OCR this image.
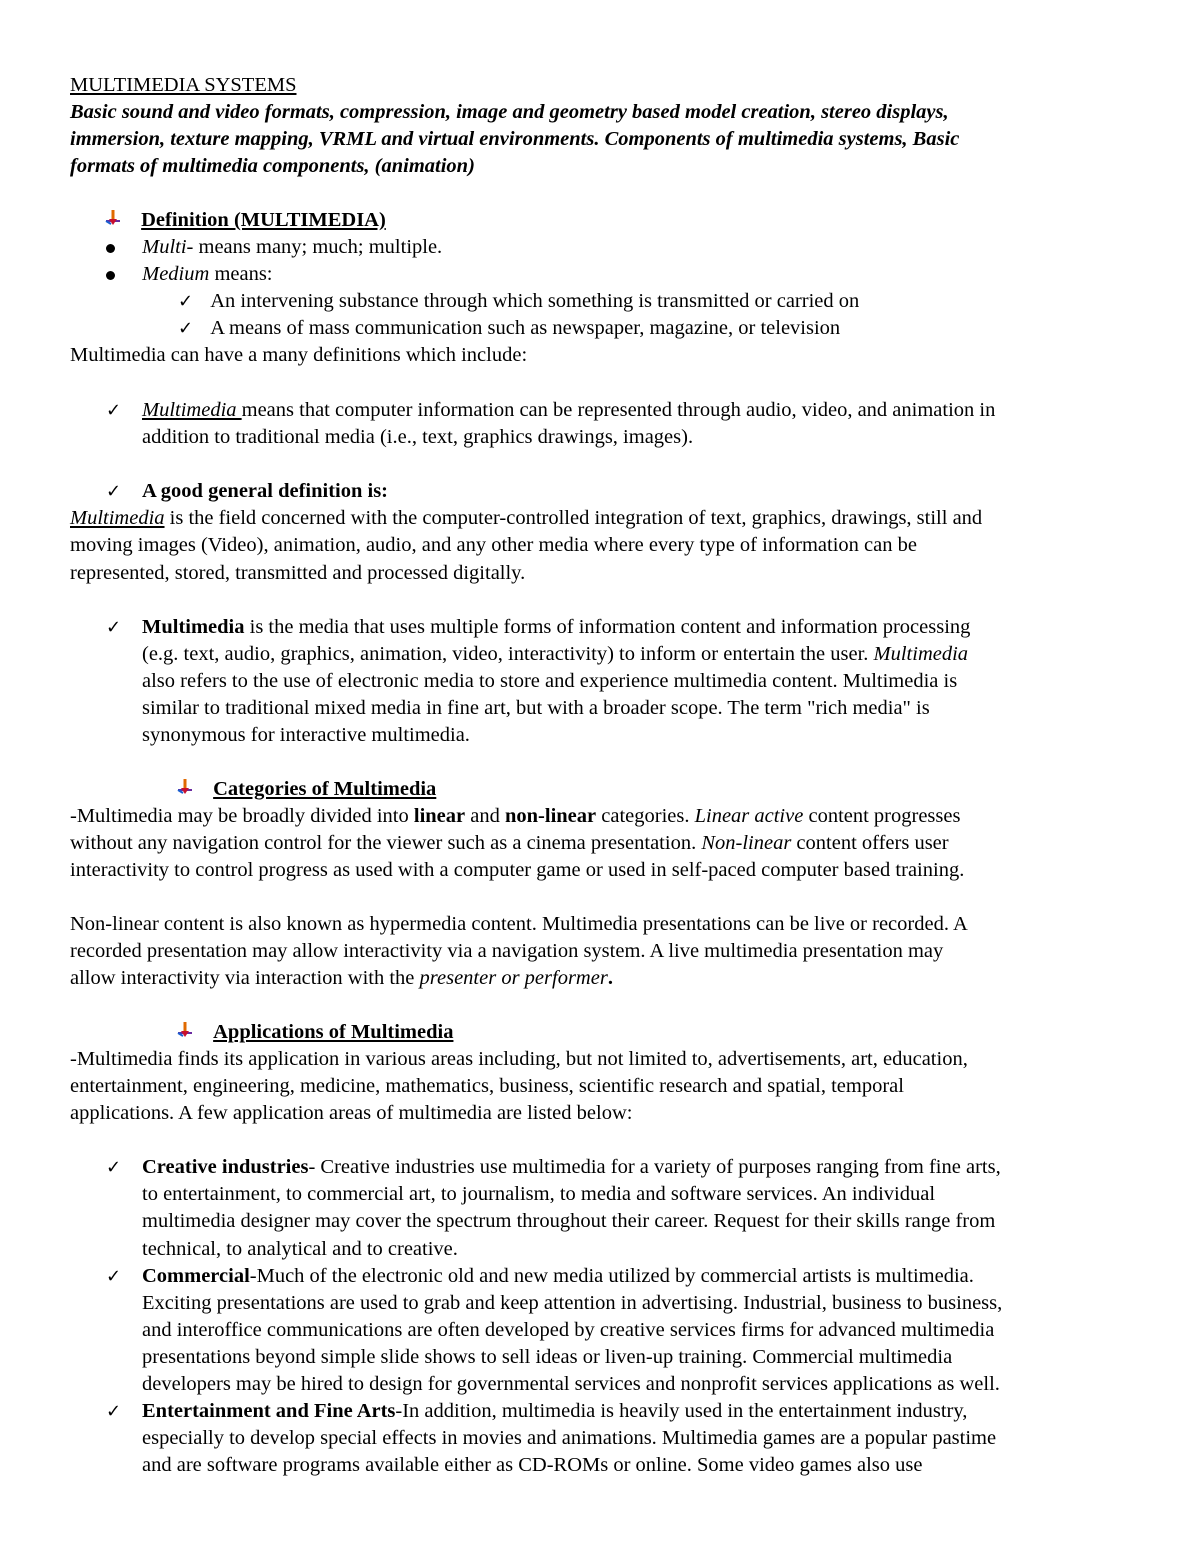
MULTIMEDIA SYSTEMS
Basic sound and video formats, compression, image and geometry based model creation, stereo displays,
immersion, texture mapping, VRML and virtual environments. Components of multimedia systems, Basic
formats of multimedia components, (animation)
Definition (MULTIMEDIA)
Multi- means many; much; multiple.
Medium means:
✓ An intervening substance through which something is transmitted or carried on
✓ A means of mass communication such as newspaper, magazine, or television
Multimedia can have a many definitions which include:
✓ Multimedia means that computer information can be represented through audio, video, and animation in
addition to traditional media (i.e., text, graphics drawings, images).
✓ A good general definition is:
Multimedia is the field concerned with the computer-controlled integration of text, graphics, drawings, still and
moving images (Video), animation, audio, and any other media where every type of information can be
represented, stored, transmitted and processed digitally.
✓ Multimedia is the media that uses multiple forms of information content and information processing
(e.g. text, audio, graphics, animation, video, interactivity) to inform or entertain the user. Multimedia
also refers to the use of electronic media to store and experience multimedia content. Multimedia is
similar to traditional mixed media in fine art, but with a broader scope. The term "rich media" is
synonymous for interactive multimedia.
Categories of Multimedia
-Multimedia may be broadly divided into linear and non-linear categories. Linear active content progresses
without any navigation control for the viewer such as a cinema presentation. Non-linear content offers user
interactivity to control progress as used with a computer game or used in self-paced computer based training.
Non-linear content is also known as hypermedia content. Multimedia presentations can be live or recorded. A
recorded presentation may allow interactivity via a navigation system. A live multimedia presentation may
allow interactivity via interaction with the presenter or performer.
Applications of Multimedia
-Multimedia finds its application in various areas including, but not limited to, advertisements, art, education,
entertainment, engineering, medicine, mathematics, business, scientific research and spatial, temporal
applications. A few application areas of multimedia are listed below:
✓ Creative industries- Creative industries use multimedia for a variety of purposes ranging from fine arts,
to entertainment, to commercial art, to journalism, to media and software services. An individual
multimedia designer may cover the spectrum throughout their career. Request for their skills range from
technical, to analytical and to creative.
✓ Commercial-Much of the electronic old and new media utilized by commercial artists is multimedia.
Exciting presentations are used to grab and keep attention in advertising. Industrial, business to business,
and interoffice communications are often developed by creative services firms for advanced multimedia
presentations beyond simple slide shows to sell ideas or liven-up training. Commercial multimedia
developers may be hired to design for governmental services and nonprofit services applications as well.
✓ Entertainment and Fine Arts-In addition, multimedia is heavily used in the entertainment industry,
especially to develop special effects in movies and animations. Multimedia games are a popular pastime
and are software programs available either as CD-ROMs or online. Some video games also use
